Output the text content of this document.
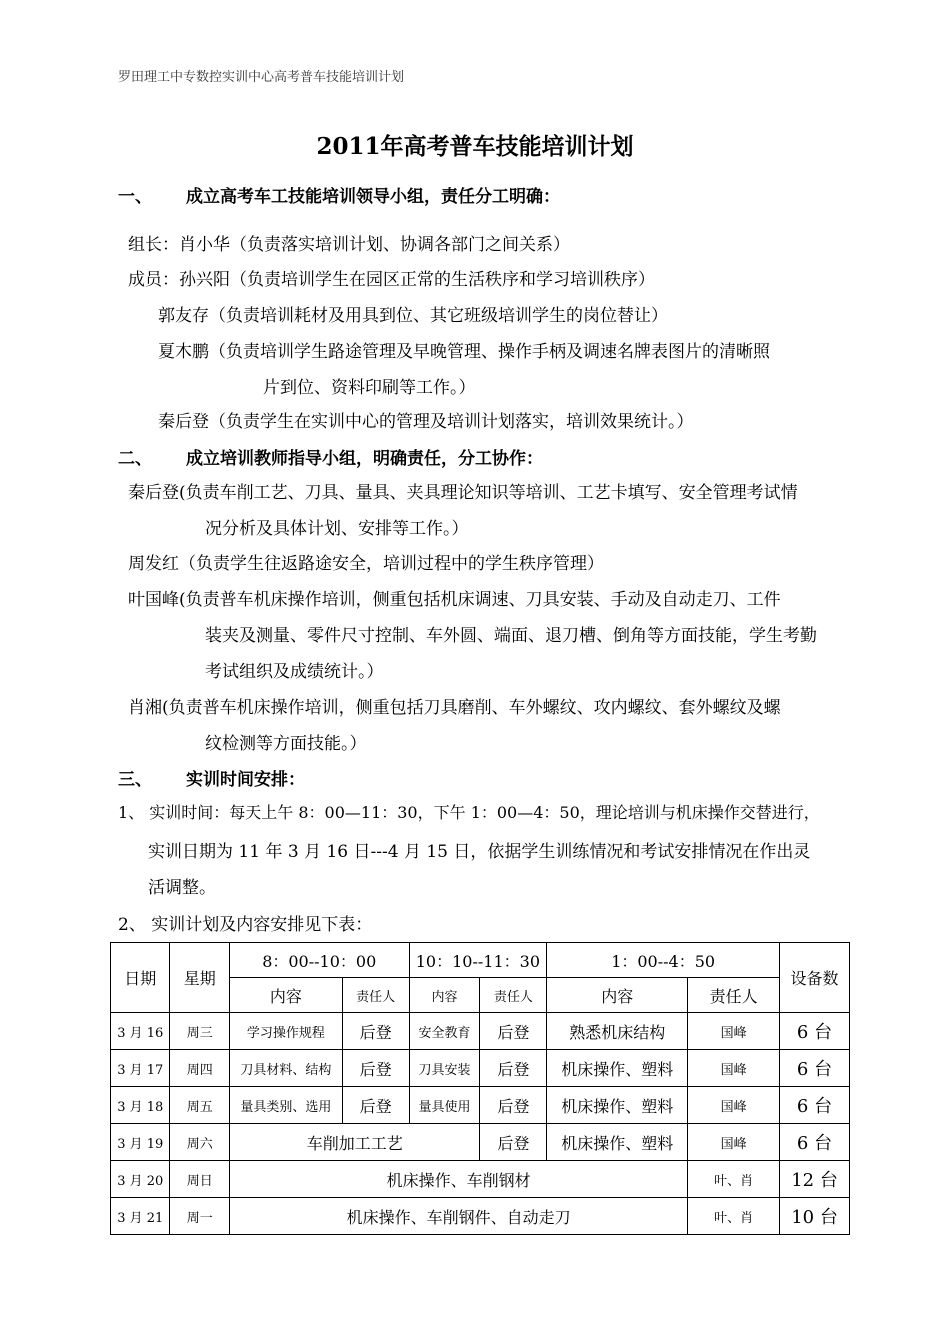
罗田理工中专数控实训中心高考普车技能培训计划
2011年高考普车技能培训计划
一、 成立高考车工技能培训领导小组，责任分工明确：
组长：肖小华（负责落实培训计划、协调各部门之间关系）
成员：孙兴阳（负责培训学生在园区正常的生活秩序和学习培训秩序）
郭友存（负责培训耗材及用具到位、其它班级培训学生的岗位替让）
夏木鹏（负责培训学生路途管理及早晚管理、操作手柄及调速名牌表图片的清晰照
片到位、资料印刷等工作。）
秦后登（负责学生在实训中心的管理及培训计划落实，培训效果统计。）
二、 成立培训教师指导小组，明确责任，分工协作：
秦后登(负责车削工艺、刀具、量具、夹具理论知识等培训、工艺卡填写、安全管理考试情
况分析及具体计划、安排等工作。）
周发红（负责学生往返路途安全，培训过程中的学生秩序管理）
叶国峰(负责普车机床操作培训，侧重包括机床调速、刀具安装、手动及自动走刀、工件
装夹及测量、零件尺寸控制、车外圆、端面、退刀槽、倒角等方面技能，学生考勤
考试组织及成绩统计。）
肖湘(负责普车机床操作培训，侧重包括刀具磨削、车外螺纹、攻内螺纹、套外螺纹及螺
纹检测等方面技能。）
三、 实训时间安排：
1、 实训时间：每天上午 8：00—11：30，下午 1：00—4：50，理论培训与机床操作交替进行，
实训日期为 11 年 3 月 16 日---4 月 15 日，依据学生训练情况和考试安排情况在作出灵
活调整。
2、 实训计划及内容安排见下表：
日期	星期	8：00--10：00		10：10--11：30		1：00--4：50		设备数
		内容	责任人	内容	责任人	内容	责任人	
3 月 16	周三	学习操作规程	后登	安全教育	后登	熟悉机床结构	国峰	6 台
3 月 17	周四	刀具材料、结构	后登	刀具安装	后登	机床操作、塑料	国峰	6 台
3 月 18	周五	量具类别、选用	后登	量具使用	后登	机床操作、塑料	国峰	6 台
3 月 19	周六	车削加工工艺			后登	机床操作、塑料	国峰	6 台
3 月 20	周日	机床操作、车削钢材					叶、肖	12 台
3 月 21	周一	机床操作、车削钢件、自动走刀					叶、肖	10 台
